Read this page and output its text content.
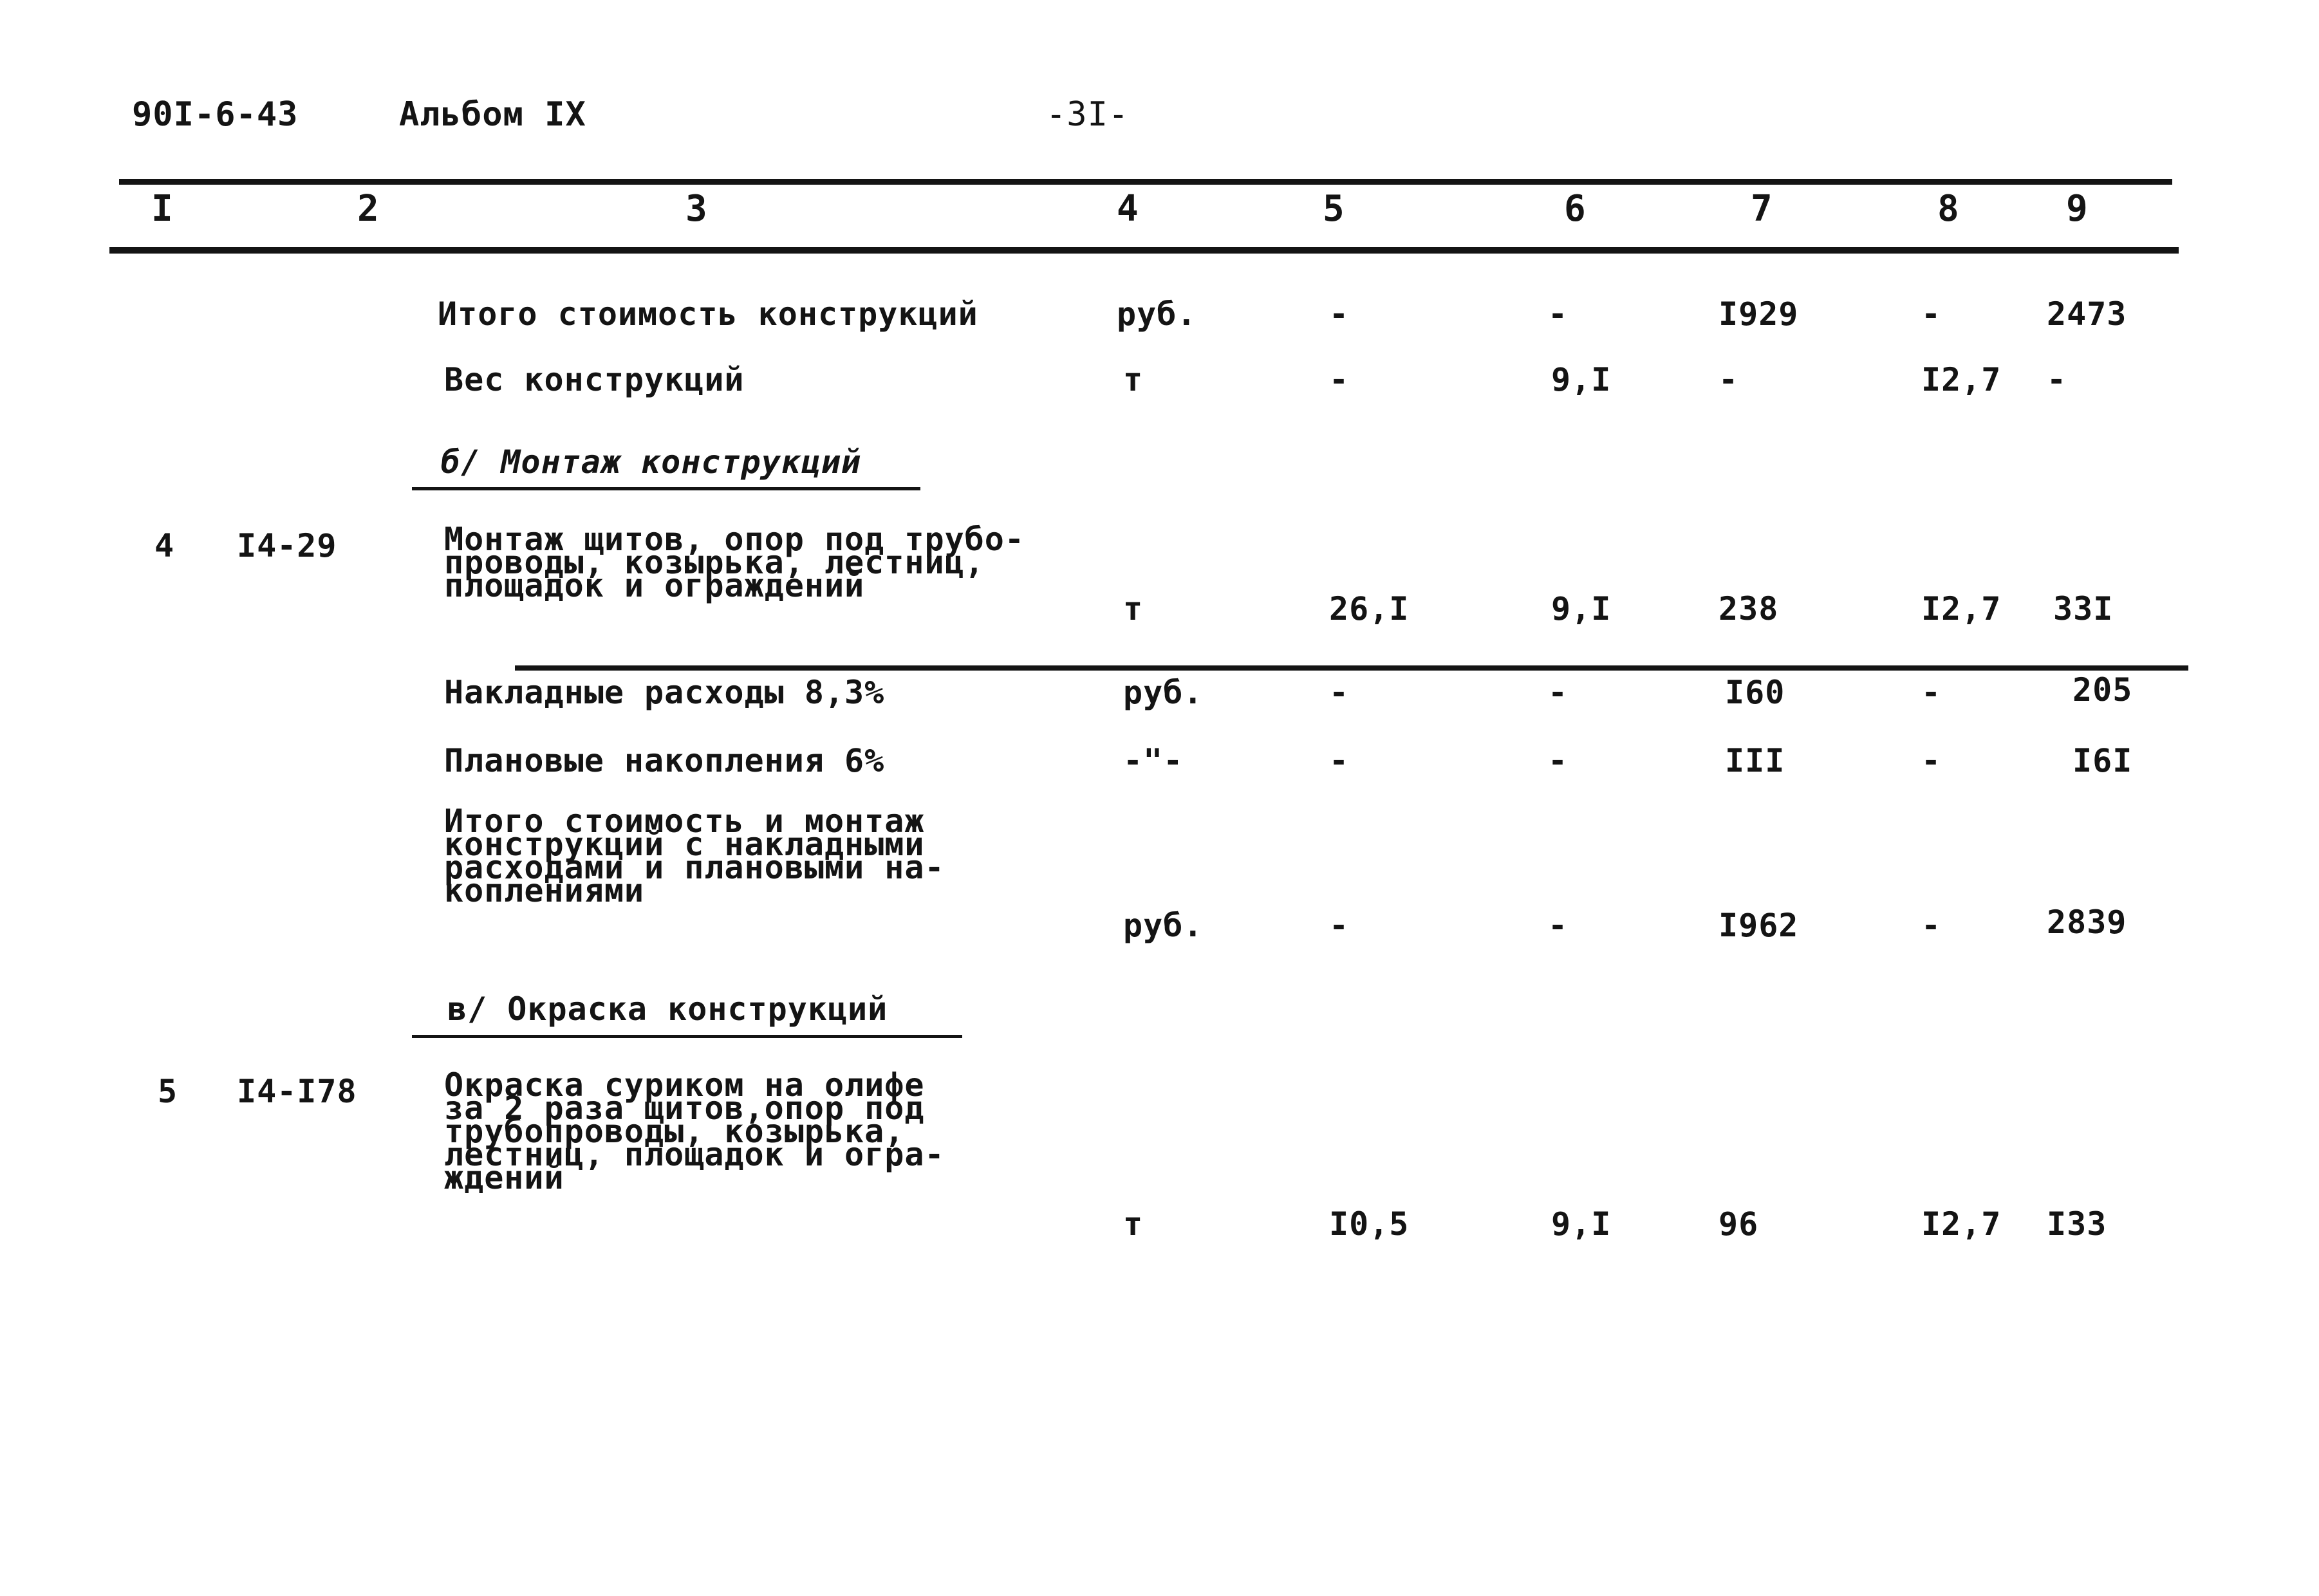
90I-6-43	Альбом IX	-3I-
I	2	3	4	5	6	7	8	9
Итого стоимость конструкций	руб.	-	-	I929	-	2473
Вес конструкций	т	-	9,I	-	I2,7 -
б/ Монтаж конструкций
4 I4-29	Монтаж щитов, опор под трубо-
проводы, козырька, лестниц,
площадок и ограждений
т	26,I	9,I	238	I2,7 33I
Накладные расходы 8,3%	руб.	-	-	I60	-	205
Плановые накопления 6%	-"-	-	-	III	-	I6I
Итого стоимость и монтаж
конструкций с накладными
расходами и плановыми на-
коплениями
руб.	-	-	I962	-	2839
в/ Окраска конструкций
5 I4-I78	Окраска суриком на олифе
за 2 раза щитов,опор под
трубопроводы, козырька,
лестниц, площадок и огра-
ждений
т	I0,5	9,I	96	I2,7 I33
